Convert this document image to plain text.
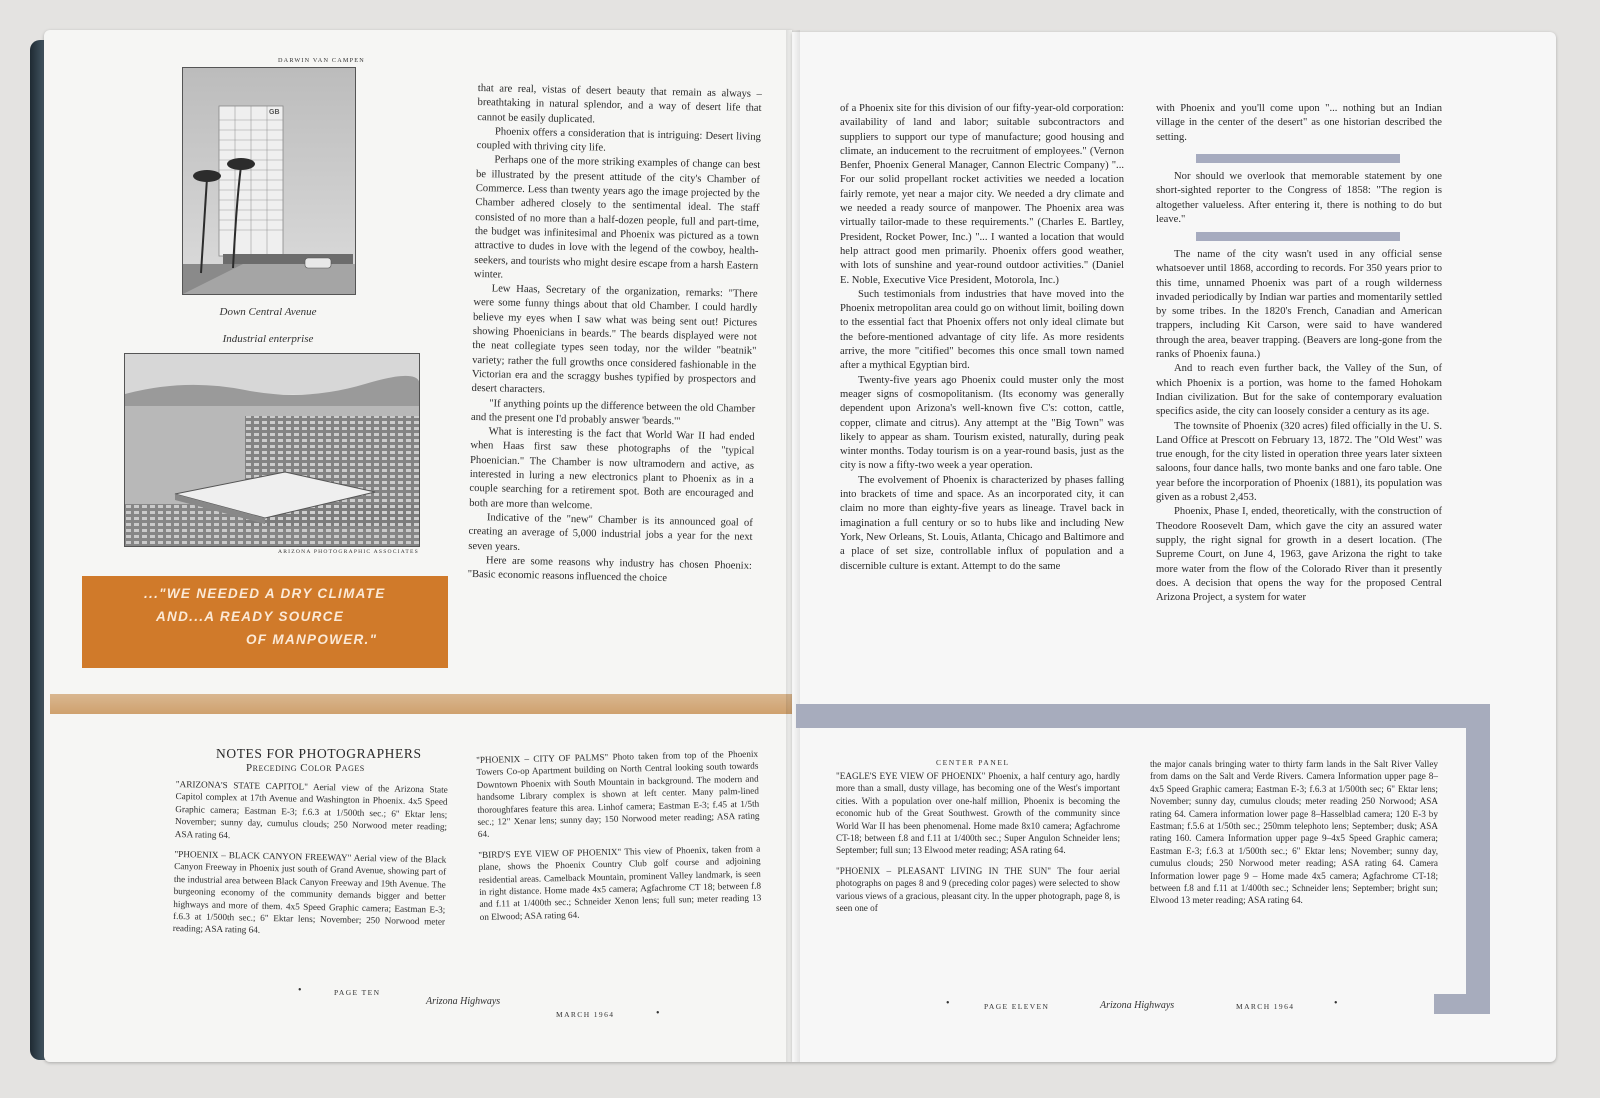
DARWIN VAN CAMPEN
GB
Down Central Avenue
Industrial enterprise
ARIZONA PHOTOGRAPHIC ASSOCIATES
..."WE NEEDED A DRY CLIMATE
AND...A READY SOURCE
OF MANPOWER."

that are real, vistas of desert beauty that remain as always – breathtaking in natural splendor, and a way of desert life that cannot be easily duplicated.

Phoenix offers a consideration that is intriguing: Desert living coupled with thriving city life.

Perhaps one of the more striking examples of change can best be illustrated by the present attitude of the city's Chamber of Commerce. Less than twenty years ago the image projected by the Chamber adhered closely to the sentimental ideal. The staff consisted of no more than a half-dozen people, full and part-time, the budget was infinitesimal and Phoenix was pictured as a town attractive to dudes in love with the legend of the cowboy, health-seekers, and tourists who might desire escape from a harsh Eastern winter.

Lew Haas, Secretary of the organization, remarks: "There were some funny things about that old Chamber. I could hardly believe my eyes when I saw what was being sent out! Pictures showing Phoenicians in beards." The beards displayed were not the neat collegiate types seen today, nor the wilder "beatnik" variety; rather the full growths once considered fashionable in the Victorian era and the scraggy bushes typified by prospectors and desert characters.

"If anything points up the difference between the old Chamber and the present one I'd probably answer 'beards.'"

What is interesting is the fact that World War II had ended when Haas first saw these photographs of the "typical Phoenician." The Chamber is now ultramodern and active, as interested in luring a new electronics plant to Phoenix as in a couple searching for a retirement spot. Both are encouraged and both are more than welcome.

Indicative of the "new" Chamber is its announced goal of creating an average of 5,000 industrial jobs a year for the next seven years.

Here are some reasons why industry has chosen Phoenix: "Basic economic reasons influenced the choice

NOTES FOR PHOTOGRAPHERS
Preceding Color Pages

"ARIZONA'S STATE CAPITOL" Aerial view of the Arizona State Capitol complex at 17th Avenue and Washington in Phoenix. 4x5 Speed Graphic camera; Eastman E-3; f.6.3 at 1/500th sec.; 6" Ektar lens; November; sunny day, cumulus clouds; 250 Norwood meter reading; ASA rating 64.

"PHOENIX – BLACK CANYON FREEWAY" Aerial view of the Black Canyon Freeway in Phoenix just south of Grand Avenue, showing part of the industrial area between Black Canyon Freeway and 19th Avenue. The burgeoning economy of the community demands bigger and better highways and more of them. 4x5 Speed Graphic camera; Eastman E-3; f.6.3 at 1/500th sec.; 6" Ektar lens; November; 250 Norwood meter reading; ASA rating 64.

"PHOENIX – CITY OF PALMS" Photo taken from top of the Phoenix Towers Co-op Apartment building on North Central looking south towards Downtown Phoenix with South Mountain in background. The modern and handsome Library complex is shown at left center. Many palm-lined thoroughfares feature this area. Linhof camera; Eastman E-3; f.45 at 1/5th sec.; 12" Xenar lens; sunny day; 150 Norwood meter reading; ASA rating 64.

"BIRD'S EYE VIEW OF PHOENIX" This view of Phoenix, taken from a plane, shows the Phoenix Country Club golf course and adjoining residential areas. Camelback Mountain, prominent Valley landmark, is seen in right distance. Home made 4x5 camera; Agfachrome CT 18; between f.8 and f.11 at 1/400th sec.; Schneider Xenon lens; full sun; meter reading 13 on Elwood; ASA rating 64.

•	PAGE TEN
Arizona Highways
MARCH 1964	•

of a Phoenix site for this division of our fifty-year-old corporation: availability of land and labor; suitable subcontractors and suppliers to support our type of manufacture; good housing and climate, an inducement to the recruitment of employees." (Vernon Benfer, Phoenix General Manager, Cannon Electric Company) "... For our solid propellant rocket activities we needed a location fairly remote, yet near a major city. We needed a dry climate and we needed a ready source of manpower. The Phoenix area was virtually tailor-made to these requirements." (Charles E. Bartley, President, Rocket Power, Inc.) "... I wanted a location that would help attract good men primarily. Phoenix offers good weather, with lots of sunshine and year-round outdoor activities." (Daniel E. Noble, Executive Vice President, Motorola, Inc.)

Such testimonials from industries that have moved into the Phoenix metropolitan area could go on without limit, boiling down to the essential fact that Phoenix offers not only ideal climate but the before-mentioned advantage of city life. As more residents arrive, the more "citified" becomes this once small town named after a mythical Egyptian bird.

Twenty-five years ago Phoenix could muster only the most meager signs of cosmopolitanism. (Its economy was generally dependent upon Arizona's well-known five C's: cotton, cattle, copper, climate and citrus). Any attempt at the "Big Town" was likely to appear as sham. Tourism existed, naturally, during peak winter months. Today tourism is on a year-round basis, just as the city is now a fifty-two week a year operation.

The evolvement of Phoenix is characterized by phases falling into brackets of time and space. As an incorporated city, it can claim no more than eighty-five years as lineage. Travel back in imagination a full century or so to hubs like and including New York, New Orleans, St. Louis, Atlanta, Chicago and Baltimore and a place of set size, controllable influx of population and a discernible culture is extant. Attempt to do the same

with Phoenix and you'll come upon "... nothing but an Indian village in the center of the desert" as one historian described the setting.

Nor should we overlook that memorable statement by one short-sighted reporter to the Congress of 1858: "The region is altogether valueless. After entering it, there is nothing to do but leave."

The name of the city wasn't used in any official sense whatsoever until 1868, according to records. For 350 years prior to this time, unnamed Phoenix was part of a rough wilderness invaded periodically by Indian war parties and momentarily settled by some tribes. In the 1820's French, Canadian and American trappers, including Kit Carson, were said to have wandered through the area, beaver trapping. (Beavers are long-gone from the ranks of Phoenix fauna.)

And to reach even further back, the Valley of the Sun, of which Phoenix is a portion, was home to the famed Hohokam Indian civilization. But for the sake of contemporary evaluation specifics aside, the city can loosely consider a century as its age.

The townsite of Phoenix (320 acres) filed officially in the U. S. Land Office at Prescott on February 13, 1872. The "Old West" was true enough, for the city listed in operation three years later sixteen saloons, four dance halls, two monte banks and one faro table. One year before the incorporation of Phoenix (1881), its population was given as a robust 2,453.

Phoenix, Phase I, ended, theoretically, with the construction of Theodore Roosevelt Dam, which gave the city an assured water supply, the right signal for growth in a desert location. (The Supreme Court, on June 4, 1963, gave Arizona the right to take more water from the flow of the Colorado River than it presently does. A decision that opens the way for the proposed Central Arizona Project, a system for water

CENTER PANEL

"EAGLE'S EYE VIEW OF PHOENIX" Phoenix, a half century ago, hardly more than a small, dusty village, has becoming one of the West's important cities. With a population over one-half million, Phoenix is becoming the economic hub of the Great Southwest. Growth of the community since World War II has been phenomenal. Home made 8x10 camera; Agfachrome CT-18; between f.8 and f.11 at 1/400th sec.; Super Angulon Schneider lens; September; full sun; 13 Elwood meter reading; ASA rating 64.

"PHOENIX – PLEASANT LIVING IN THE SUN" The four aerial photographs on pages 8 and 9 (preceding color pages) were selected to show various views of a gracious, pleasant city. In the upper photograph, page 8, is seen one of

the major canals bringing water to thirty farm lands in the Salt River Valley from dams on the Salt and Verde Rivers. Camera Information upper page 8–4x5 Speed Graphic camera; Eastman E-3; f.6.3 at 1/500th sec; 6" Ektar lens; November; sunny day, cumulus clouds; meter reading 250 Norwood; ASA rating 64. Camera information lower page 8–Hasselblad camera; 120 E-3 by Eastman; f.5.6 at 1/50th sec.; 250mm telephoto lens; September; dusk; ASA rating 160. Camera Information upper page 9–4x5 Speed Graphic camera; Eastman E-3; f.6.3 at 1/500th sec.; 6" Ektar lens; November; sunny day, cumulus clouds; 250 Norwood meter reading; ASA rating 64. Camera Information lower page 9 – Home made 4x5 camera; Agfachrome CT-18; between f.8 and f.11 at 1/400th sec.; Schneider lens; September; bright sun; Elwood 13 meter reading; ASA rating 64.

•	PAGE ELEVEN	Arizona Highways	MARCH 1964	•
